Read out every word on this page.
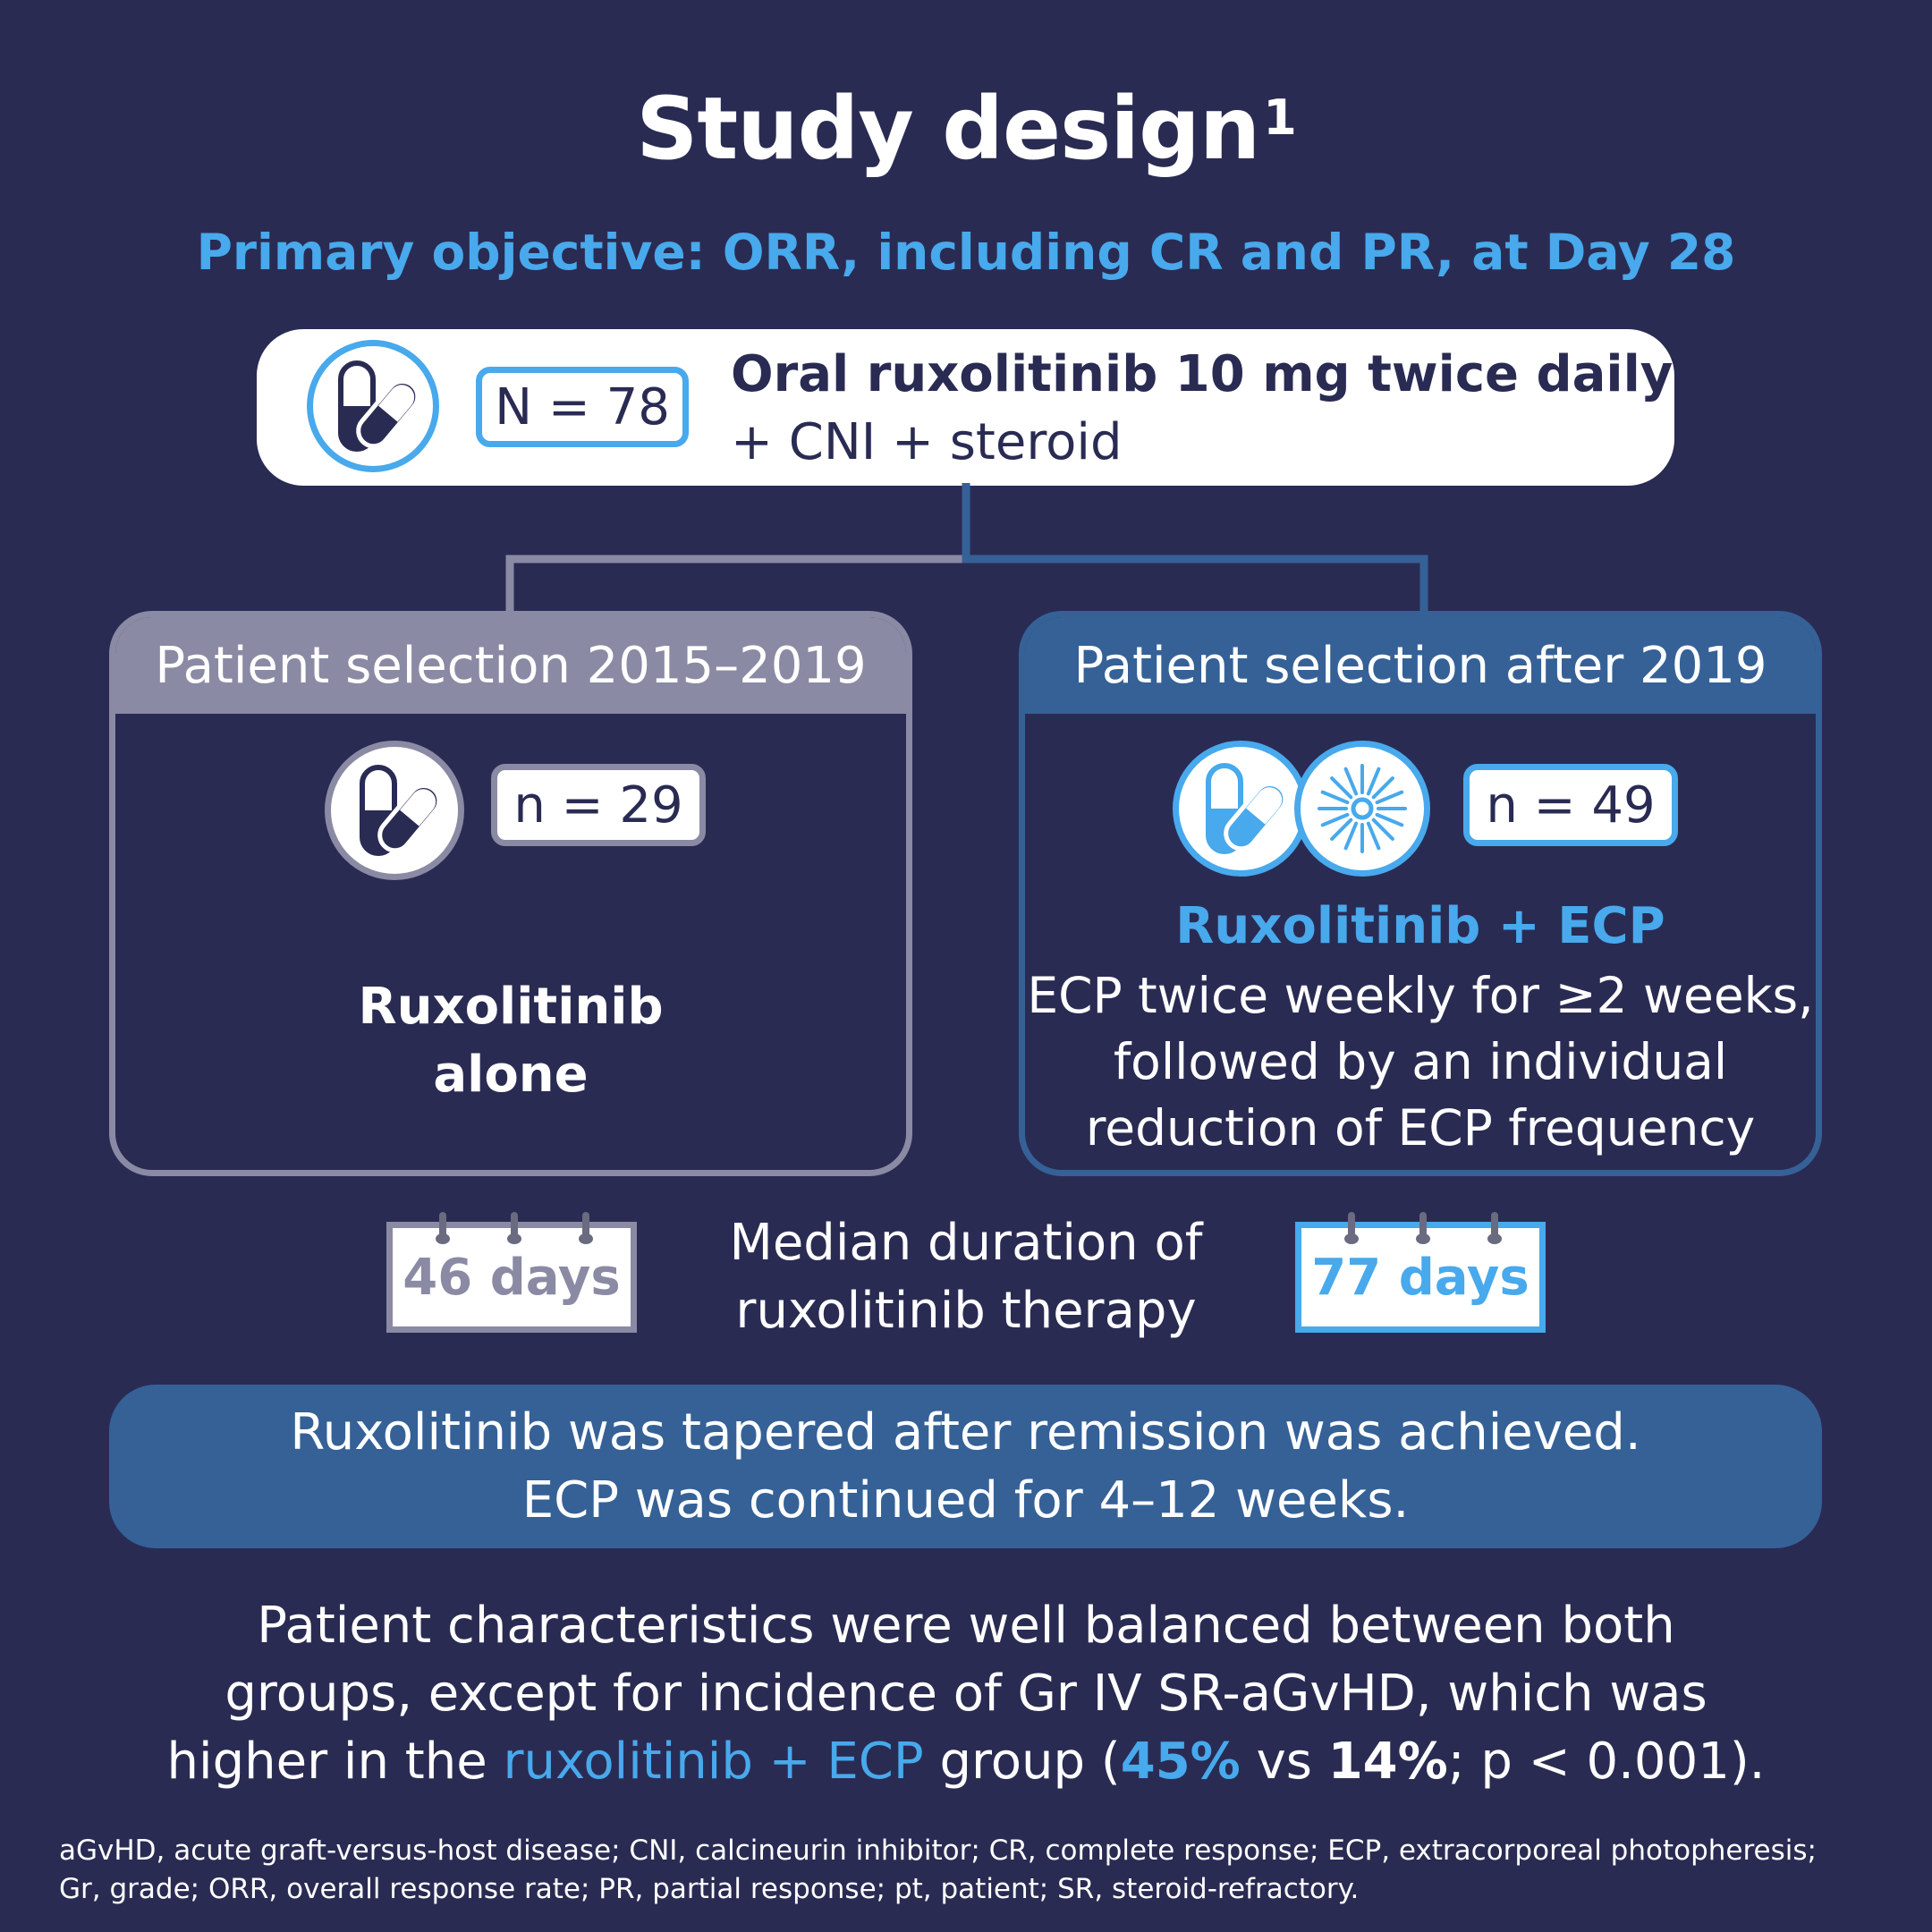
Study design$^1$
Primary objective: ORR, including CR and PR, at Day 28
N = 78
Oral ruxolitinib 10 mg twice daily
+ CNI + steroid
Patient selection 2015–2019
n = 29
Ruxolitinib
alone
Patient selection after 2019
n = 49
Ruxolitinib + ECP
ECP twice weekly for ≥2 weeks,
followed by an individual
reduction of ECP frequency
46 days
Median duration of
ruxolitinib therapy
77 days
Ruxolitinib was tapered after remission was achieved.
ECP was continued for 4–12 weeks.
Patient characteristics were well balanced between both
groups, except for incidence of Gr IV SR-aGvHD, which was
higher in the ruxolitinib + ECP group (45% vs 14%; p < 0.001).
aGvHD, acute graft-versus-host disease; CNI, calcineurin inhibitor; CR, complete response; ECP, extracorporeal photopheresis;
Gr, grade; ORR, overall response rate; PR, partial response; pt, patient; SR, steroid-refractory.
